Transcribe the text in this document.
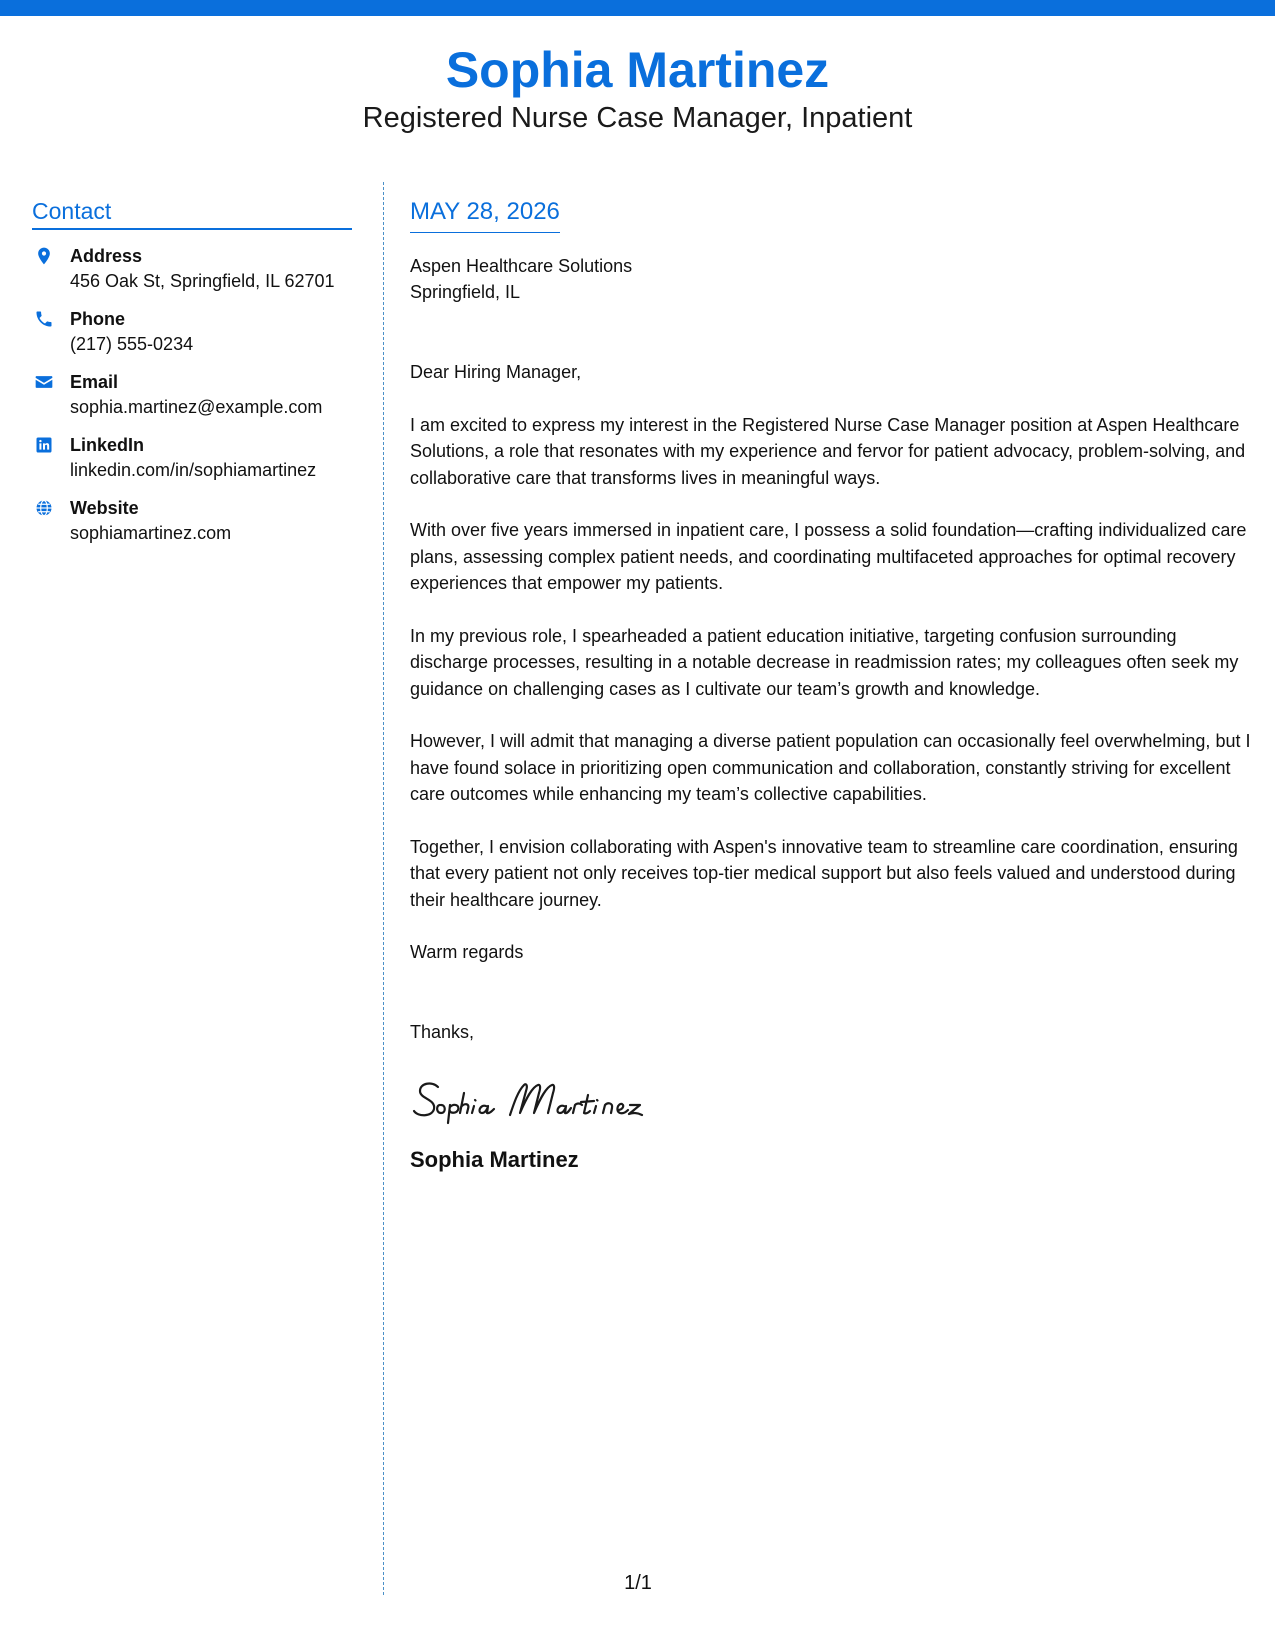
Sophia Martinez

Registered Nurse Case Manager, Inpatient

Contact
Address
456 Oak St, Springfield, IL 62701
Phone
(217) 555-0234
Email
sophia.martinez@example.com
LinkedIn
linkedin.com/in/sophiamartinez
Website
sophiamartinez.com
MAY 28, 2026
Aspen Healthcare Solutions
Springfield, IL
Dear Hiring Manager,
I am excited to express my interest in the Registered Nurse Case Manager position at Aspen Healthcare Solutions, a role that resonates with my experience and fervor for patient advocacy, problem-solving, and collaborative care that transforms lives in meaningful ways.
With over five years immersed in inpatient care, I possess a solid foundation—crafting individualized care plans, assessing complex patient needs, and coordinating multifaceted approaches for optimal recovery experiences that empower my patients.
In my previous role, I spearheaded a patient education initiative, targeting confusion surrounding discharge processes, resulting in a notable decrease in readmission rates; my colleagues often seek my guidance on challenging cases as I cultivate our team’s growth and knowledge.
However, I will admit that managing a diverse patient population can occasionally feel overwhelming, but I have found solace in prioritizing open communication and collaboration, constantly striving for excellent care outcomes while enhancing my team’s collective capabilities.
Together, I envision collaborating with Aspen's innovative team to streamline care coordination, ensuring that every patient not only receives top-tier medical support but also feels valued and understood during their healthcare journey.
Warm regards
Thanks,
Sophia Martinez
1/1
